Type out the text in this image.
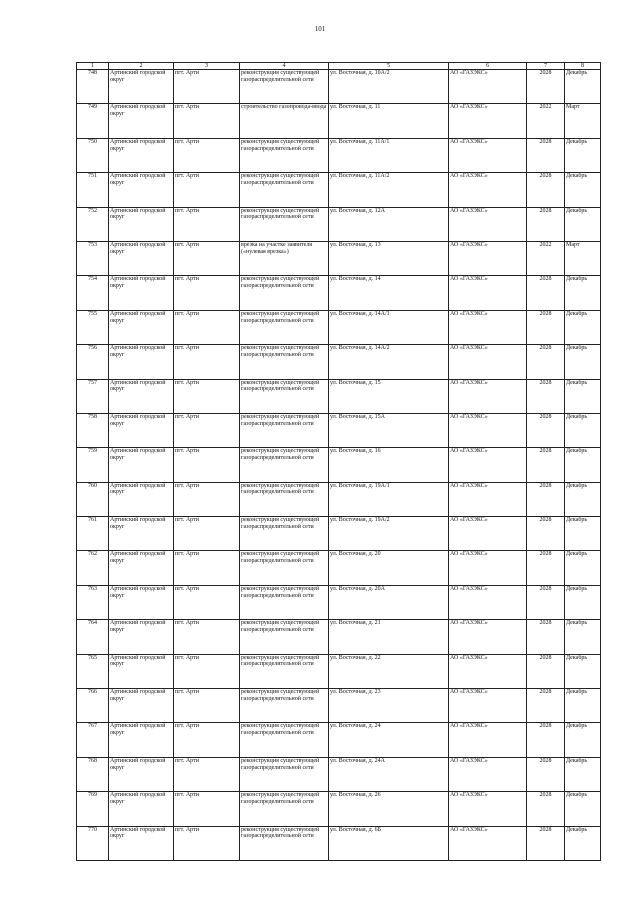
101
1	2	3	4	5	6	7	8
748	Артинский городской округ	пгт. Арти	реконструкция существующей газораспределительной сети	ул. Восточная, д. 10А/2	АО «ГАЗЭКС»	2028	Декабрь
749	Артинский городской округ	пгт. Арти	строительство газопровода-ввода	ул. Восточная, д. 11	АО «ГАЗЭКС»	2022	Март
750	Артинский городской округ	пгт. Арти	реконструкция существующей газораспределительной сети	ул. Восточная, д. 11А/1	АО «ГАЗЭКС»	2028	Декабрь
751	Артинский городской округ	пгт. Арти	реконструкция существующей газораспределительной сети	ул. Восточная, д. 11А/2	АО «ГАЗЭКС»	2028	Декабрь
752	Артинский городской округ	пгт. Арти	реконструкция существующей газораспределительной сети	ул. Восточная, д. 12А	АО «ГАЗЭКС»	2028	Декабрь
753	Артинский городской округ	пгт. Арти	врезка на участке заявителя («нулевая врезка»)	ул. Восточная, д. 13	АО «ГАЗЭКС»	2022	Март
754	Артинский городской округ	пгт. Арти	реконструкция существующей газораспределительной сети	ул. Восточная, д. 14	АО «ГАЗЭКС»	2028	Декабрь
755	Артинский городской округ	пгт. Арти	реконструкция существующей газораспределительной сети	ул. Восточная, д. 14А/1	АО «ГАЗЭКС»	2028	Декабрь
756	Артинский городской округ	пгт. Арти	реконструкция существующей газораспределительной сети	ул. Восточная, д. 14А/2	АО «ГАЗЭКС»	2028	Декабрь
757	Артинский городской округ	пгт. Арти	реконструкция существующей газораспределительной сети	ул. Восточная, д. 15	АО «ГАЗЭКС»	2028	Декабрь
758	Артинский городской округ	пгт. Арти	реконструкция существующей газораспределительной сети	ул. Восточная, д. 15А	АО «ГАЗЭКС»	2028	Декабрь
759	Артинский городской округ	пгт. Арти	реконструкция существующей газораспределительной сети	ул. Восточная, д. 16	АО «ГАЗЭКС»	2028	Декабрь
760	Артинский городской округ	пгт. Арти	реконструкция существующей газораспределительной сети	ул. Восточная, д. 19А/1	АО «ГАЗЭКС»	2028	Декабрь
761	Артинский городской округ	пгт. Арти	реконструкция существующей газораспределительной сети	ул. Восточная, д. 19А/2	АО «ГАЗЭКС»	2028	Декабрь
762	Артинский городской округ	пгт. Арти	реконструкция существующей газораспределительной сети	ул. Восточная, д. 20	АО «ГАЗЭКС»	2028	Декабрь
763	Артинский городской округ	пгт. Арти	реконструкция существующей газораспределительной сети	ул. Восточная, д. 20А	АО «ГАЗЭКС»	2028	Декабрь
764	Артинский городской округ	пгт. Арти	реконструкция существующей газораспределительной сети	ул. Восточная, д. 21	АО «ГАЗЭКС»	2028	Декабрь
765	Артинский городской округ	пгт. Арти	реконструкция существующей газораспределительной сети	ул. Восточная, д. 22	АО «ГАЗЭКС»	2028	Декабрь
766	Артинский городской округ	пгт. Арти	реконструкция существующей газораспределительной сети	ул. Восточная, д. 23	АО «ГАЗЭКС»	2028	Декабрь
767	Артинский городской округ	пгт. Арти	реконструкция существующей газораспределительной сети	ул. Восточная, д. 24	АО «ГАЗЭКС»	2028	Декабрь
768	Артинский городской округ	пгт. Арти	реконструкция существующей газораспределительной сети	ул. Восточная, д. 24А	АО «ГАЗЭКС»	2028	Декабрь
769	Артинский городской округ	пгт. Арти	реконструкция существующей газораспределительной сети	ул. Восточная, д. 26	АО «ГАЗЭКС»	2028	Декабрь
770	Артинский городской округ	пгт. Арти	реконструкция существующей газораспределительной сети	ул. Восточная, д. 6Б	АО «ГАЗЭКС»	2028	Декабрь
